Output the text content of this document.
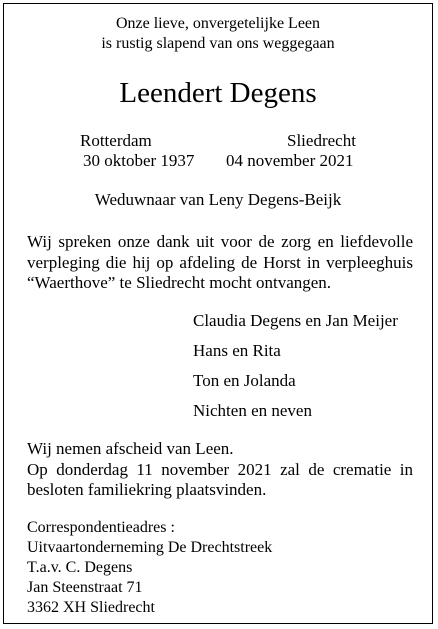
Onze lieve, onvergetelijke Leen
is rustig slapend van ons weggegaan
Leendert Degens
Rotterdam
30 oktober 1937
Sliedrecht
04 november 2021
Weduwnaar van Leny Degens-Beijk
Wij spreken onze dank uit voor de zorg en liefdevolle
verpleging die hij op afdeling de Horst in verpleeghuis
“Waerthove” te Sliedrecht mocht ontvangen.
Claudia Degens en Jan Meijer
Hans en Rita
Ton en Jolanda
Nichten en neven
Wij nemen afscheid van Leen.
Op donderdag 11 november 2021 zal de crematie in
besloten familiekring plaatsvinden.
Correspondentieadres :
Uitvaartonderneming De Drechtstreek
T.a.v. C. Degens
Jan Steenstraat 71
3362 XH Sliedrecht
